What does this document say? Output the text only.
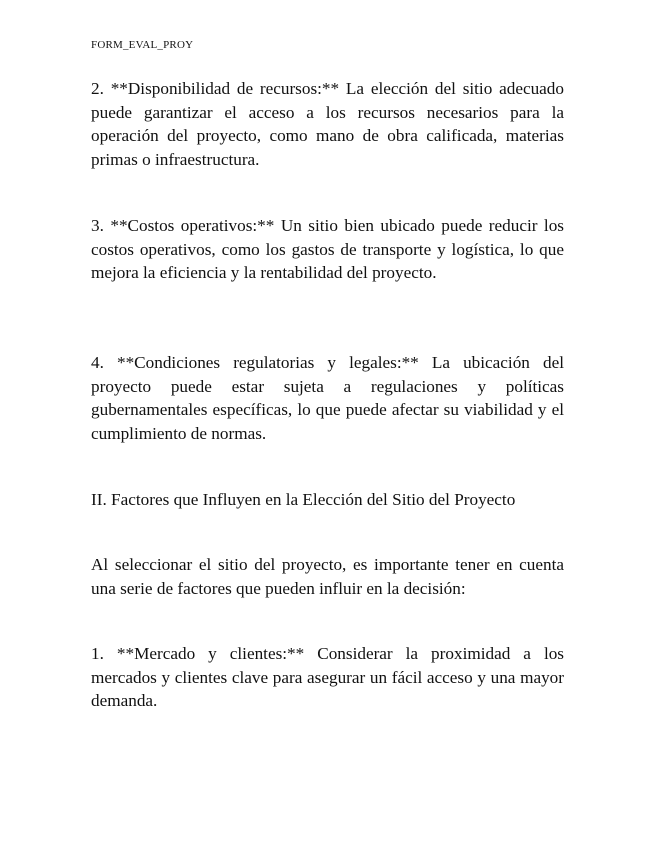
FORM_EVAL_PROY

2. **Disponibilidad de recursos:** La elección del sitio adecuado puede garantizar el acceso a los recursos necesarios para la operación del proyecto, como mano de obra calificada, materias primas o infraestructura.

3. **Costos operativos:** Un sitio bien ubicado puede reducir los costos operativos, como los gastos de transporte y logística, lo que mejora la eficiencia y la rentabilidad del proyecto.

4. **Condiciones regulatorias y legales:** La ubicación del proyecto puede estar sujeta a regulaciones y políticas gubernamentales específicas, lo que puede afectar su viabilidad y el cumplimiento de normas.

II. Factores que Influyen en la Elección del Sitio del Proyecto

Al seleccionar el sitio del proyecto, es importante tener en cuenta una serie de factores que pueden influir en la decisión:

1. **Mercado y clientes:** Considerar la proximidad a los mercados y clientes clave para asegurar un fácil acceso y una mayor demanda.
